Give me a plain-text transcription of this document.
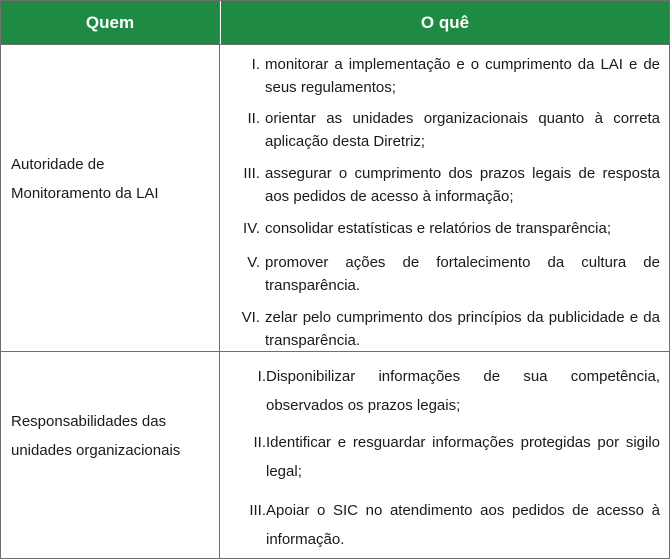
Quem	O quê
Autoridade de
Monitoramento da LAI
I. monitorar a implementação e o cumprimento da LAI e de seus regulamentos;
II. orientar as unidades organizacionais quanto à correta aplicação desta Diretriz;
III. assegurar o cumprimento dos prazos legais de resposta aos pedidos de acesso à informação;
IV. consolidar estatísticas e relatórios de transparência;
V. promover ações de fortalecimento da cultura de transparência.
VI. zelar pelo cumprimento dos princípios da publicidade e da transparência.
Responsabilidades das
unidades organizacionais
I. Disponibilizar informações de sua competência, observados os prazos legais;
II. Identificar e resguardar informações protegidas por sigilo legal;
III. Apoiar o SIC no atendimento aos pedidos de acesso à informação.
